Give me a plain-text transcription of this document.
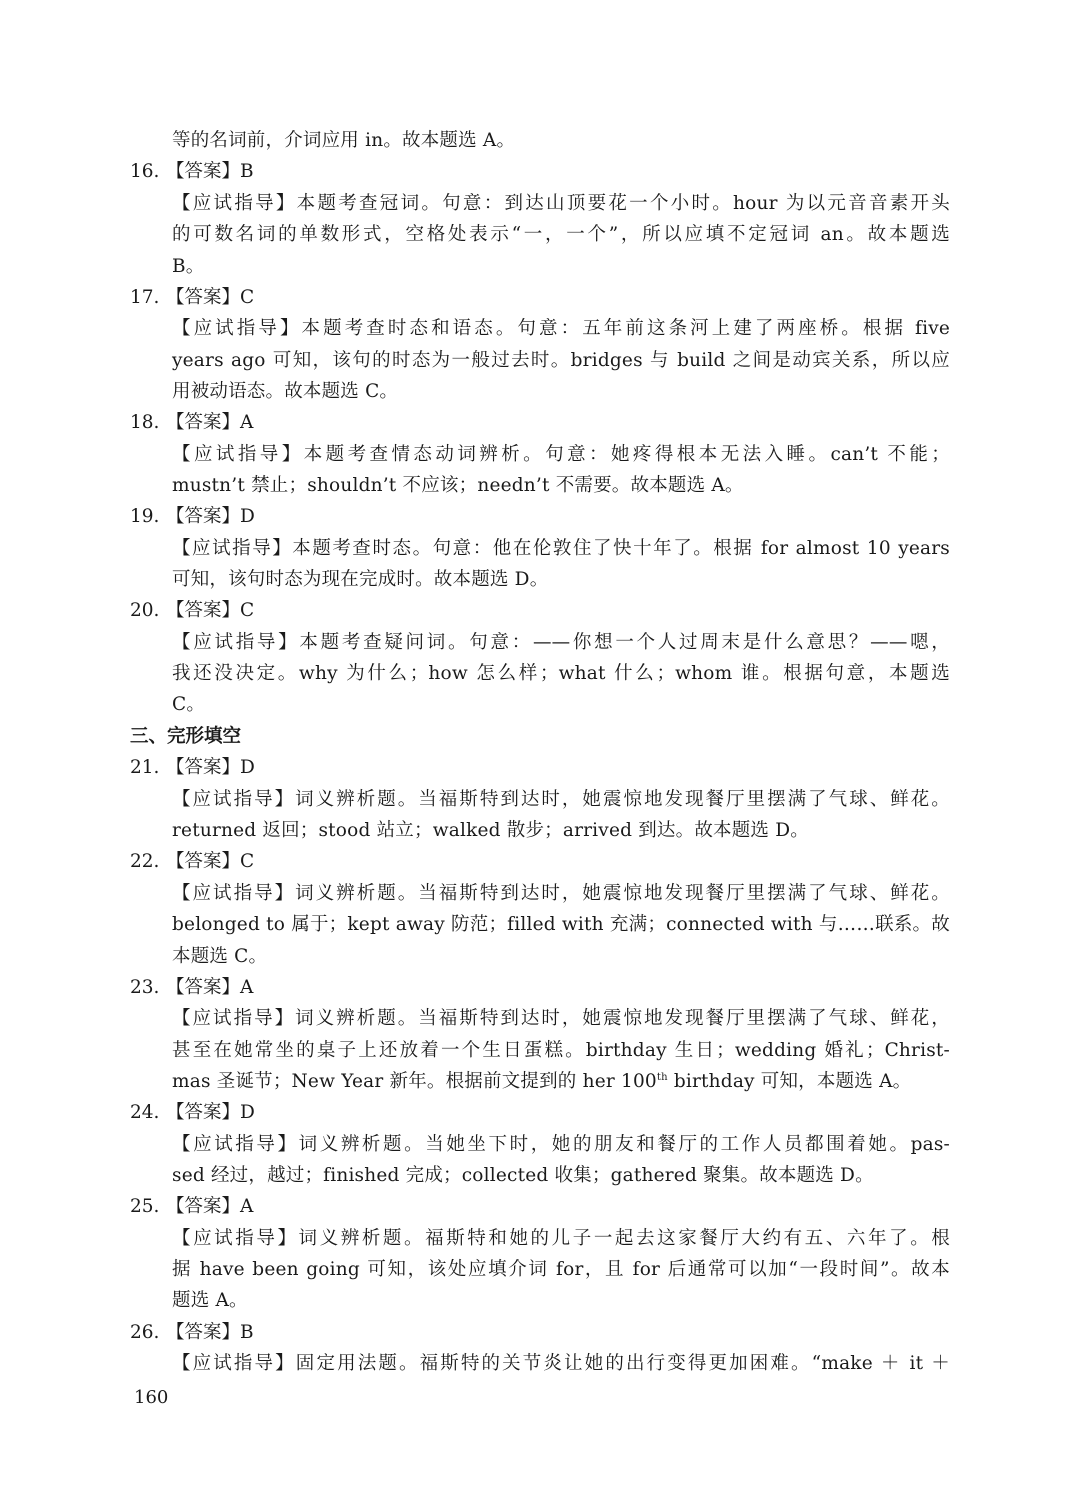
等的名词前，介词应用 in。故本题选 A。
16. 【答案】B
【应试指导】本题考查冠词。句意：到达山顶要花一个小时。hour 为以元音音素开头
的可数名词的单数形式，空格处表示“一，一个”，所以应填不定冠词 an。故本题选
B。
17. 【答案】C
【应试指导】本题考查时态和语态。句意：五年前这条河上建了两座桥。根据 five
years ago 可知，该句的时态为一般过去时。bridges 与 build 之间是动宾关系，所以应
用被动语态。故本题选 C。
18. 【答案】A
【应试指导】本题考查情态动词辨析。句意：她疼得根本无法入睡。can’t 不能；
mustn’t 禁止；shouldn’t 不应该；needn’t 不需要。故本题选 A。
19. 【答案】D
【应试指导】本题考查时态。句意：他在伦敦住了快十年了。根据 for almost 10 years
可知，该句时态为现在完成时。故本题选 D。
20. 【答案】C
【应试指导】本题考查疑问词。句意：——你想一个人过周末是什么意思？——嗯，
我还没决定。why 为什么；how 怎么样；what 什么；whom 谁。根据句意，本题选
C。
三、完形填空
21. 【答案】D
【应试指导】词义辨析题。当福斯特到达时，她震惊地发现餐厅里摆满了气球、鲜花。
returned 返回；stood 站立；walked 散步；arrived 到达。故本题选 D。
22. 【答案】C
【应试指导】词义辨析题。当福斯特到达时，她震惊地发现餐厅里摆满了气球、鲜花。
belonged to 属于；kept away 防范；filled with 充满；connected with 与……联系。故
本题选 C。
23. 【答案】A
【应试指导】词义辨析题。当福斯特到达时，她震惊地发现餐厅里摆满了气球、鲜花，
甚至在她常坐的桌子上还放着一个生日蛋糕。birthday 生日；wedding 婚礼；Christ-
mas 圣诞节；New Year 新年。根据前文提到的 her 100th birthday 可知，本题选 A。
24. 【答案】D
【应试指导】词义辨析题。当她坐下时，她的朋友和餐厅的工作人员都围着她。pas-
sed 经过，越过；finished 完成；collected 收集；gathered 聚集。故本题选 D。
25. 【答案】A
【应试指导】词义辨析题。福斯特和她的儿子一起去这家餐厅大约有五、六年了。根
据 have been going 可知，该处应填介词 for，且 for 后通常可以加“一段时间”。故本
题选 A。
26. 【答案】B
【应试指导】固定用法题。福斯特的关节炎让她的出行变得更加困难。“make ＋ it ＋
160
